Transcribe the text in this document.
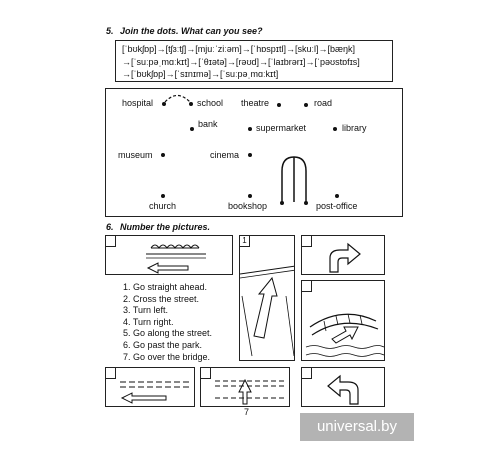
5. Join the dots. What can you see?
[ˈbʊkʃɒp]→[tʃɜːtʃ]→[mjuːˈziːəm]→[ˈhɒspɪtl]→[skuːl]→[bæŋk]
→[ˈsuːpəˌmɑːkɪt]→[ˈθɪətə]→[rəʊd]→[ˈlaɪbrərɪ]→[ˈpəʊstɒfɪs]
→[ˈbʊkʃɒp]→[ˈsɪnɪmə]→[ˈsuːpəˌmɑːkɪt]
hospital	school theatre	road
bank	supermarket	library
museum	cinema
church	bookshop	post-office
6. Number the pictures.
1
1. Go straight ahead.
2. Cross the street.
3. Turn left.
4. Turn right.
5. Go along the street.
6. Go past the park.
7. Go over the bridge.
7
universal.by
